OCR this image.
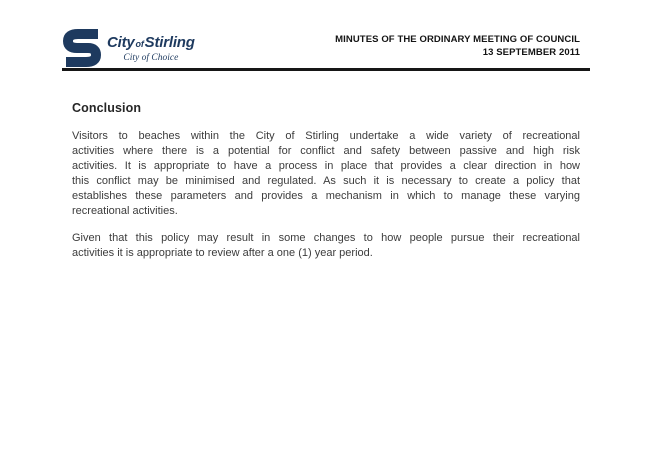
CityofStirling
City of Choice
MINUTES OF THE ORDINARY MEETING OF COUNCIL
13 SEPTEMBER 2011
Conclusion
Visitors to beaches within the City of Stirling undertake a wide variety of recreational
activities where there is a potential for conflict and safety between passive and high risk
activities. It is appropriate to have a process in place that provides a clear direction in how
this conflict may be minimised and regulated. As such it is necessary to create a policy that
establishes these parameters and provides a mechanism in which to manage these varying
recreational activities.
Given that this policy may result in some changes to how people pursue their recreational
activities it is appropriate to review after a one (1) year period.
